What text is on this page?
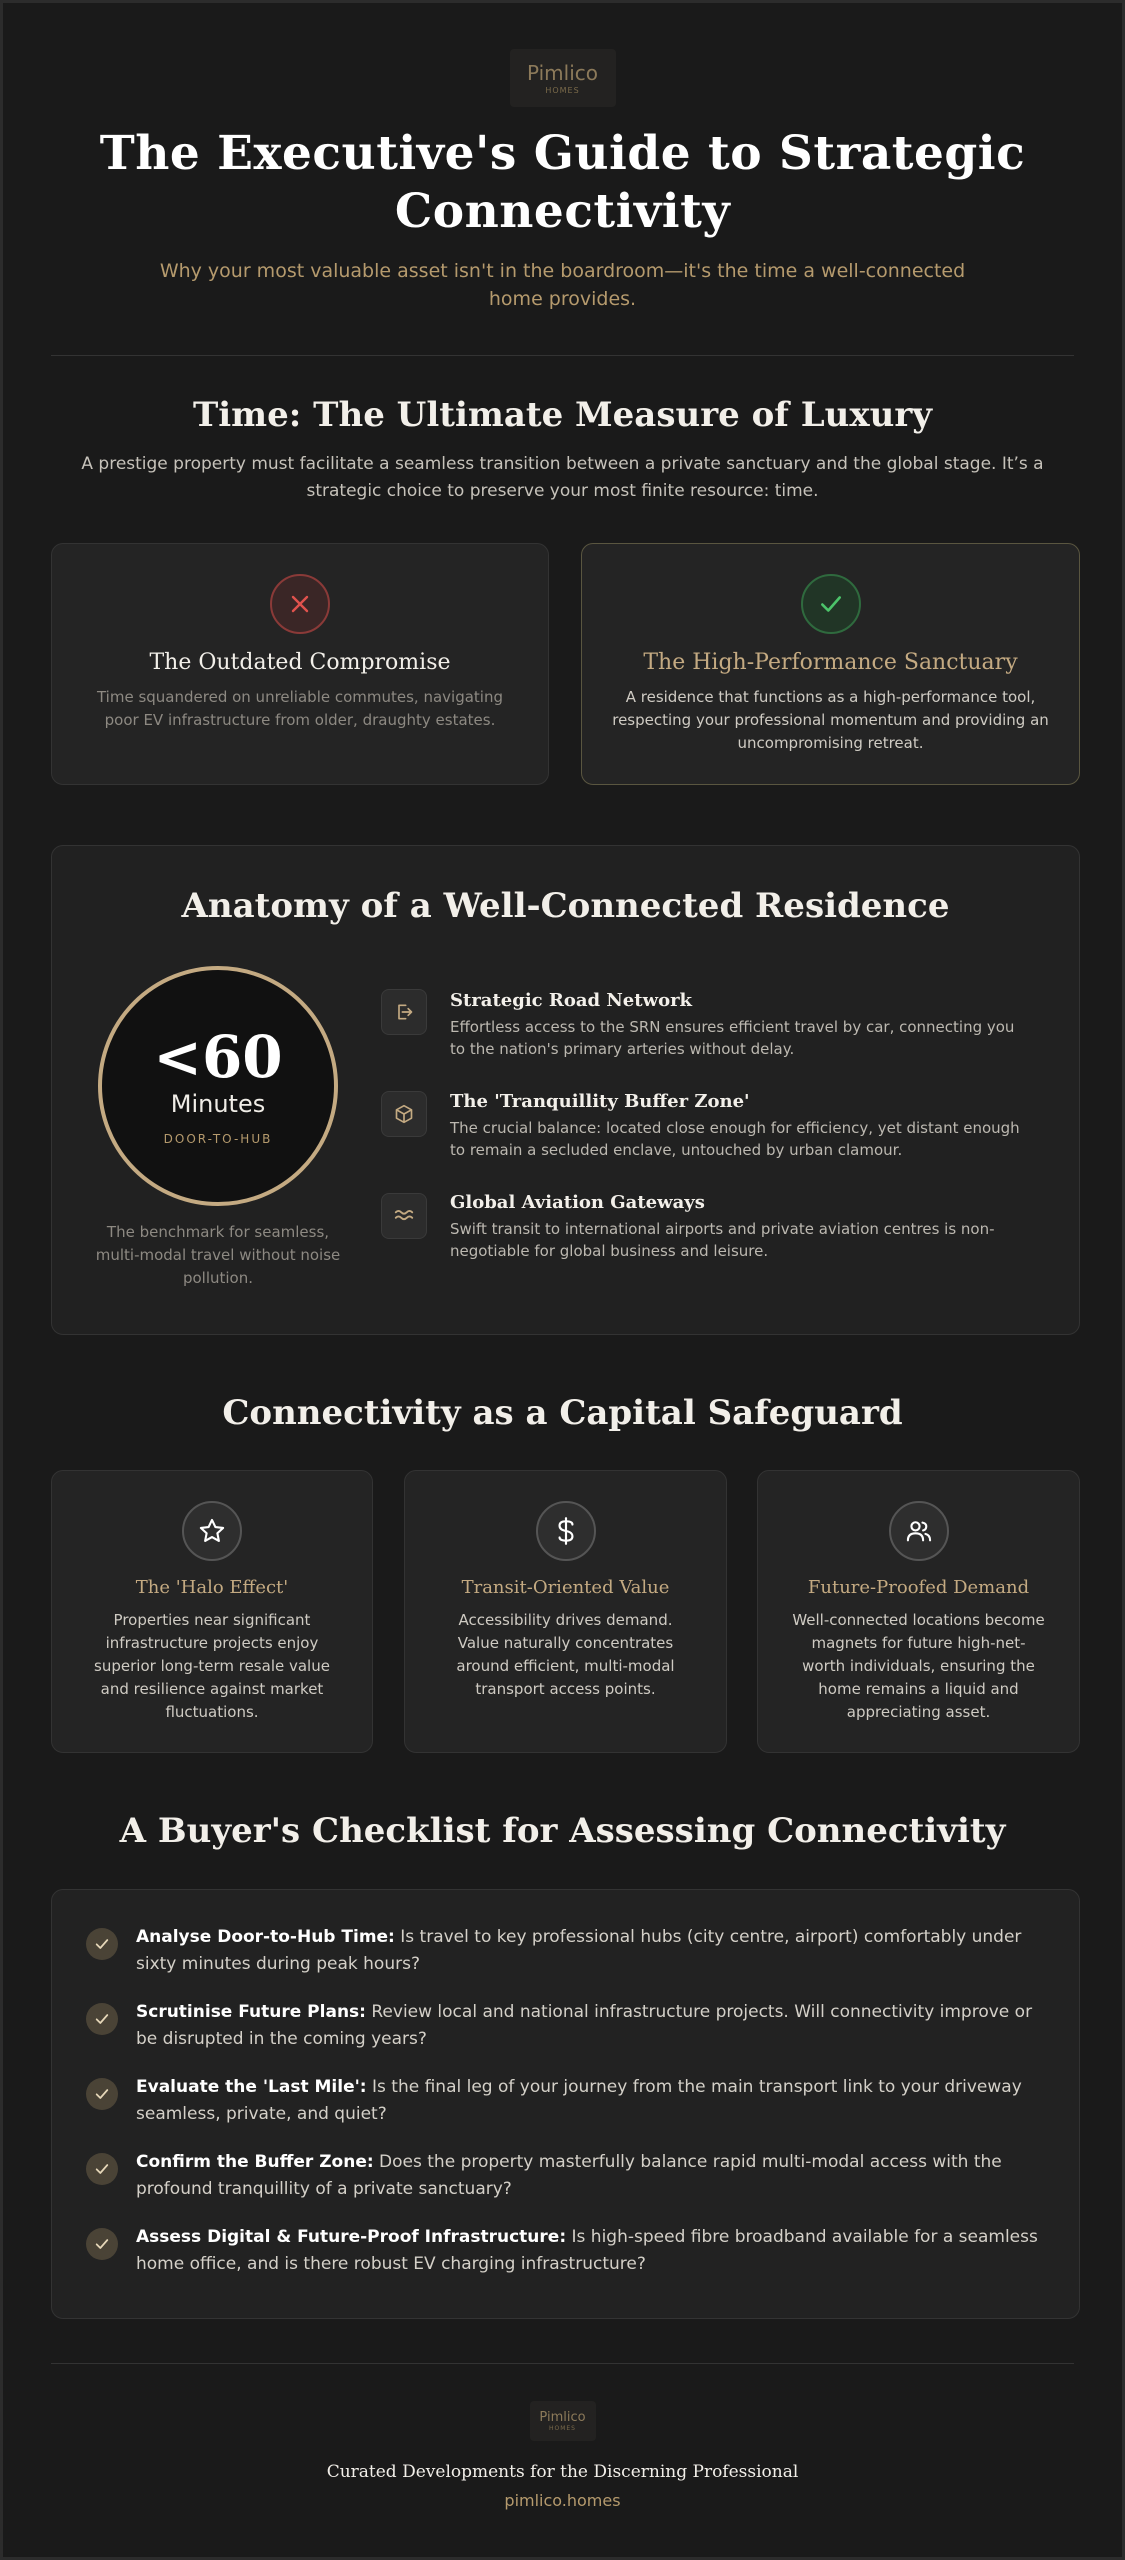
Pimlico
HOMES
The Executive's Guide to Strategic Connectivity

Why your most valuable asset isn't in the boardroom—it's the time a well-connected home provides.

Time: The Ultimate Measure of Luxury

A prestige property must facilitate a seamless transition between a private sanctuary and the global stage. It’s a strategic choice to preserve your most finite resource: time.

The Outdated Compromise
Time squandered on unreliable commutes, navigating poor EV infrastructure from older, draughty estates.
The High-Performance Sanctuary
A residence that functions as a high-performance tool, respecting your professional momentum and providing an uncompromising retreat.
Anatomy of a Well-Connected Residence
<60
Minutes
DOOR-TO-HUB

The benchmark for seamless, multi-modal travel without noise pollution.

Strategic Road Network
Effortless access to the SRN ensures efficient travel by car, connecting you to the nation's primary arteries without delay.
The 'Tranquillity Buffer Zone'
The crucial balance: located close enough for efficiency, yet distant enough to remain a secluded enclave, untouched by urban clamour.
Global Aviation Gateways
Swift transit to international airports and private aviation centres is non-negotiable for global business and leisure.
Connectivity as a Capital Safeguard
The 'Halo Effect'
Properties near significant infrastructure projects enjoy superior long-term resale value and resilience against market fluctuations.
Transit-Oriented Value
Accessibility drives demand. Value naturally concentrates around efficient, multi-modal transport access points.
Future-Proofed Demand
Well-connected locations become magnets for future high-net-worth individuals, ensuring the home remains a liquid and appreciating asset.
A Buyer's Checklist for Assessing Connectivity

Analyse Door-to-Hub Time: Is travel to key professional hubs (city centre, airport) comfortably under sixty minutes during peak hours?

Scrutinise Future Plans: Review local and national infrastructure projects. Will connectivity improve or be disrupted in the coming years?

Evaluate the 'Last Mile': Is the final leg of your journey from the main transport link to your driveway seamless, private, and quiet?

Confirm the Buffer Zone: Does the property masterfully balance rapid multi-modal access with the profound tranquillity of a private sanctuary?

Assess Digital & Future-Proof Infrastructure: Is high-speed fibre broadband available for a seamless home office, and is there robust EV charging infrastructure?

Pimlico
HOMES

Curated Developments for the Discerning Professional

pimlico.homes
